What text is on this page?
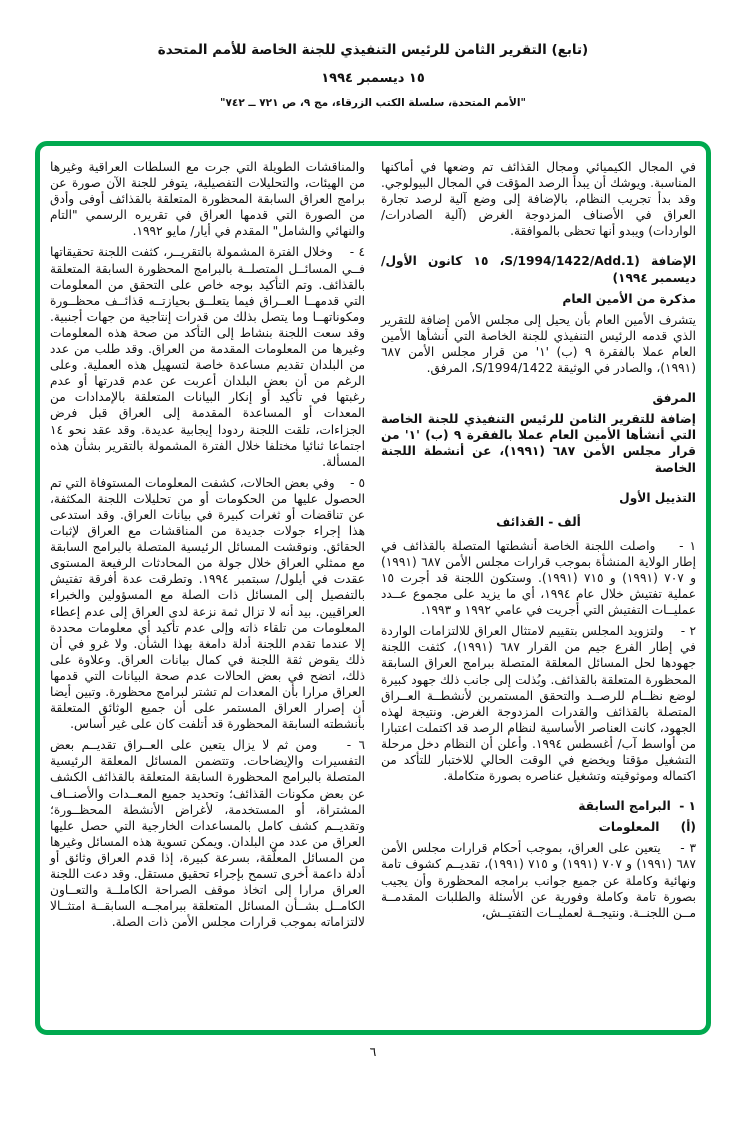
(تابع) التقرير الثامن للرئيس التنفيذي للجنة الخاصة للأمم المتحدة
١٥ ديسمبر ١٩٩٤
"الأمم المتحدة، سلسلة الكتب الزرقاء، مج ٩، ص ٧٢١ ــ ٧٤٢"

في المجال الكيميائي ومجال القذائف تم وضعها في أماكنها المناسبة. ويوشك أن يبدأ الرصد المؤقت في المجال البيولوجي. وقد بدأ تجريب النظام، بالإضافة إلى وضع آلية لرصد تجارة العراق في الأصناف المزدوجة الغرض (آلية الصادرات/ الواردات) ويبدو أنها تحظى بالموافقة.

الإضافة (S/1994/1422/Add.1، ١٥ كانون الأول/ ديسمبر ١٩٩٤)

مذكرة من الأمين العام

يتشرف الأمين العام بأن يحيل إلى مجلس الأمن إضافة للتقرير الذي قدمه الرئيس التنفيذي للجنة الخاصة التي أنشأها الأمين العام عملا بالفقرة ٩ (ب) '١' من قرار مجلس الأمن ٦٨٧ (١٩٩١)، والصادر في الوثيقة S/1994/1422، المرفق.

المرفق

إضافة للتقرير الثامن للرئيس التنفيذي للجنة الخاصة التي أنشأها الأمين العام عملا بالفقرة ٩ (ب) '١' من قرار مجلس الأمن ٦٨٧ (١٩٩١)، عن أنشطة اللجنة الخاصة

التذييل الأول

ألف - القذائف

١ -    واصلت اللجنة الخاصة أنشطتها المتصلة بالقذائف في إطار الولاية المنشأة بموجب قرارات مجلس الأمن ٦٨٧ (١٩٩١) و ٧٠٧ (١٩٩١) و ٧١٥ (١٩٩١). وستكون اللجنة قد أجرت ١٥ عملية تفتيش خلال عام ١٩٩٤، أي ما يزيد على مجموع عــدد عمليــات التفتيش التي أجريت في عامي ١٩٩٢ و ١٩٩٣.

٢ -    ولتزويد المجلس بتقييم لامتثال العراق للالتزامات الواردة في إطار الفرع جيم من القرار ٦٨٧ (١٩٩١)، كثفت اللجنة جهودها لحل المسائل المعلقة المتصلة ببرامج العراق السابقة المحظورة المتعلقة بالقذائف. وبُذلت إلى جانب ذلك جهود كبيرة لوضع نظــام للرصــد والتحقق المستمرين لأنشطــة العــراق المتصلة بالقذائف والقدرات المزدوجة الغرض. ونتيجة لهذه الجهود، كانت العناصر الأساسية لنظام الرصد قد اكتملت اعتبارا من أواسط آب/ أغسطس ١٩٩٤. وأعلن أن النظام دخل مرحلة التشغيل مؤقتا ويخضع في الوقت الحالي للاختبار للتأكد من اكتماله وموثوقيته وتشغيل عناصره بصورة متكاملة.

١ -  البرامج السابقة

(أ)     المعلومات

٣ -    يتعين على العراق، بموجب أحكام قرارات مجلس الأمن ٦٨٧ (١٩٩١) و ٧٠٧ (١٩٩١) و ٧١٥ (١٩٩١)، تقديــم كشوف تامة ونهائية وكاملة عن جميع جوانب برامجه المحظورة وأن يجيب بصورة تامة وكاملة وفورية عن الأسئلة والطلبات المقدمــة مــن اللجنــة. ونتيجــة لعمليــات التفتيــش،

والمناقشات الطويلة التي جرت مع السلطات العراقية وغيرها من الهيئات، والتحليلات التفصيلية، يتوفر للجنة الآن صورة عن برامج العراق السابقة المحظورة المتعلقة بالقذائف أوفى وأدق من الصورة التي قدمها العراق في تقريره الرسمي "التام والنهائي والشامل" المقدم في أيار/ مايو ١٩٩٢.

٤ -    وخلال الفترة المشمولة بالتقريــر، كثفت اللجنة تحقيقاتها فــي المسائــل المتصلــة بالبرامج المحظورة السابقة المتعلقة بالقذائف. وتم التأكيد بوجه خاص على التحقق من المعلومات التي قدمهــا العــراق فيما يتعلــق بحيازتــه قذائــف محظــورة ومكوناتهــا وما يتصل بذلك من قدرات إنتاجية من جهات أجنبية. وقد سعت اللجنة بنشاط إلى التأكد من صحة هذه المعلومات وغيرها من المعلومات المقدمة من العراق. وقد طلب من عدد من البلدان تقديم مساعدة خاصة لتسهيل هذه العملية. وعلى الرغم من أن بعض البلدان أعربت عن عدم قدرتها أو عدم رغبتها في تأكيد أو إنكار البيانات المتعلقة بالإمدادات من المعدات أو المساعدة المقدمة إلى العراق قبل فرض الجزاءات، تلقت اللجنة ردودا إيجابية عديدة. وقد عقد نحو ١٤ اجتماعا ثنائيا مختلفا خلال الفترة المشمولة بالتقرير بشأن هذه المسألة.

٥ -    وفي بعض الحالات، كشفت المعلومات المستوفاة التي تم الحصول عليها من الحكومات أو من تحليلات اللجنة المكثفة، عن تناقضات أو ثغرات كبيرة في بيانات العراق. وقد استدعى هذا إجراء جولات جديدة من المناقشات مع العراق لإثبات الحقائق. ونوقشت المسائل الرئيسية المتصلة بالبرامج السابقة مع ممثلي العراق خلال جولة من المحادثات الرفيعة المستوى عقدت في أيلول/ سبتمبر ١٩٩٤. وتطرقت عدة أفرقة تفتيش بالتفصيل إلى المسائل ذات الصلة مع المسؤولين والخبراء العراقيين. بيد أنه لا تزال ثمة نزعة لدى العراق إلى عدم إعطاء المعلومات من تلقاء ذاته وإلى عدم تأكيد أي معلومات محددة إلا عندما تقدم اللجنة أدلة دامغة بهذا الشأن. ولا غرو في أن ذلك يقوض ثقة اللجنة في كمال بيانات العراق. وعلاوة على ذلك، اتضح في بعض الحالات عدم صحة البيانات التي قدمها العراق مرارا بأن المعدات لم تشتر لبرامج محظورة. وتبين أيضا أن إصرار العراق المستمر على أن جميع الوثائق المتعلقة بأنشطته السابقة المحظورة قد أتلفت كان على غير أساس.

٦ -    ومن ثم لا يزال يتعين على العــراق تقديــم بعض التفسيرات والإيضاحات. وتتضمن المسائل المعلقة الرئيسية المتصلة بالبرامج المحظورة السابقة المتعلقة بالقذائف الكشف عن بعض مكونات القذائف؛ وتحديد جميع المعــدات والأصنــاف المشتراة، أو المستخدمة، لأغراض الأنشطة المحظــورة؛ وتقديــم كشف كامل بالمساعدات الخارجية التي حصل عليها العراق من عدد من البلدان. ويمكن تسوية هذه المسائل وغيرها من المسائل المعلّقة، بسرعة كبيرة، إذا قدم العراق وثائق أو أدلة داعمة أخرى تسمح بإجراء تحقيق مستقل. وقد دعت اللجنة العراق مرارا إلى اتخاذ موقف الصراحة الكاملــة والتعــاون الكامــل بشــأن المسائل المتعلقة ببرامجــه السابقــة امتثــالا لالتزاماته بموجب قرارات مجلس الأمن ذات الصلة.

٦
